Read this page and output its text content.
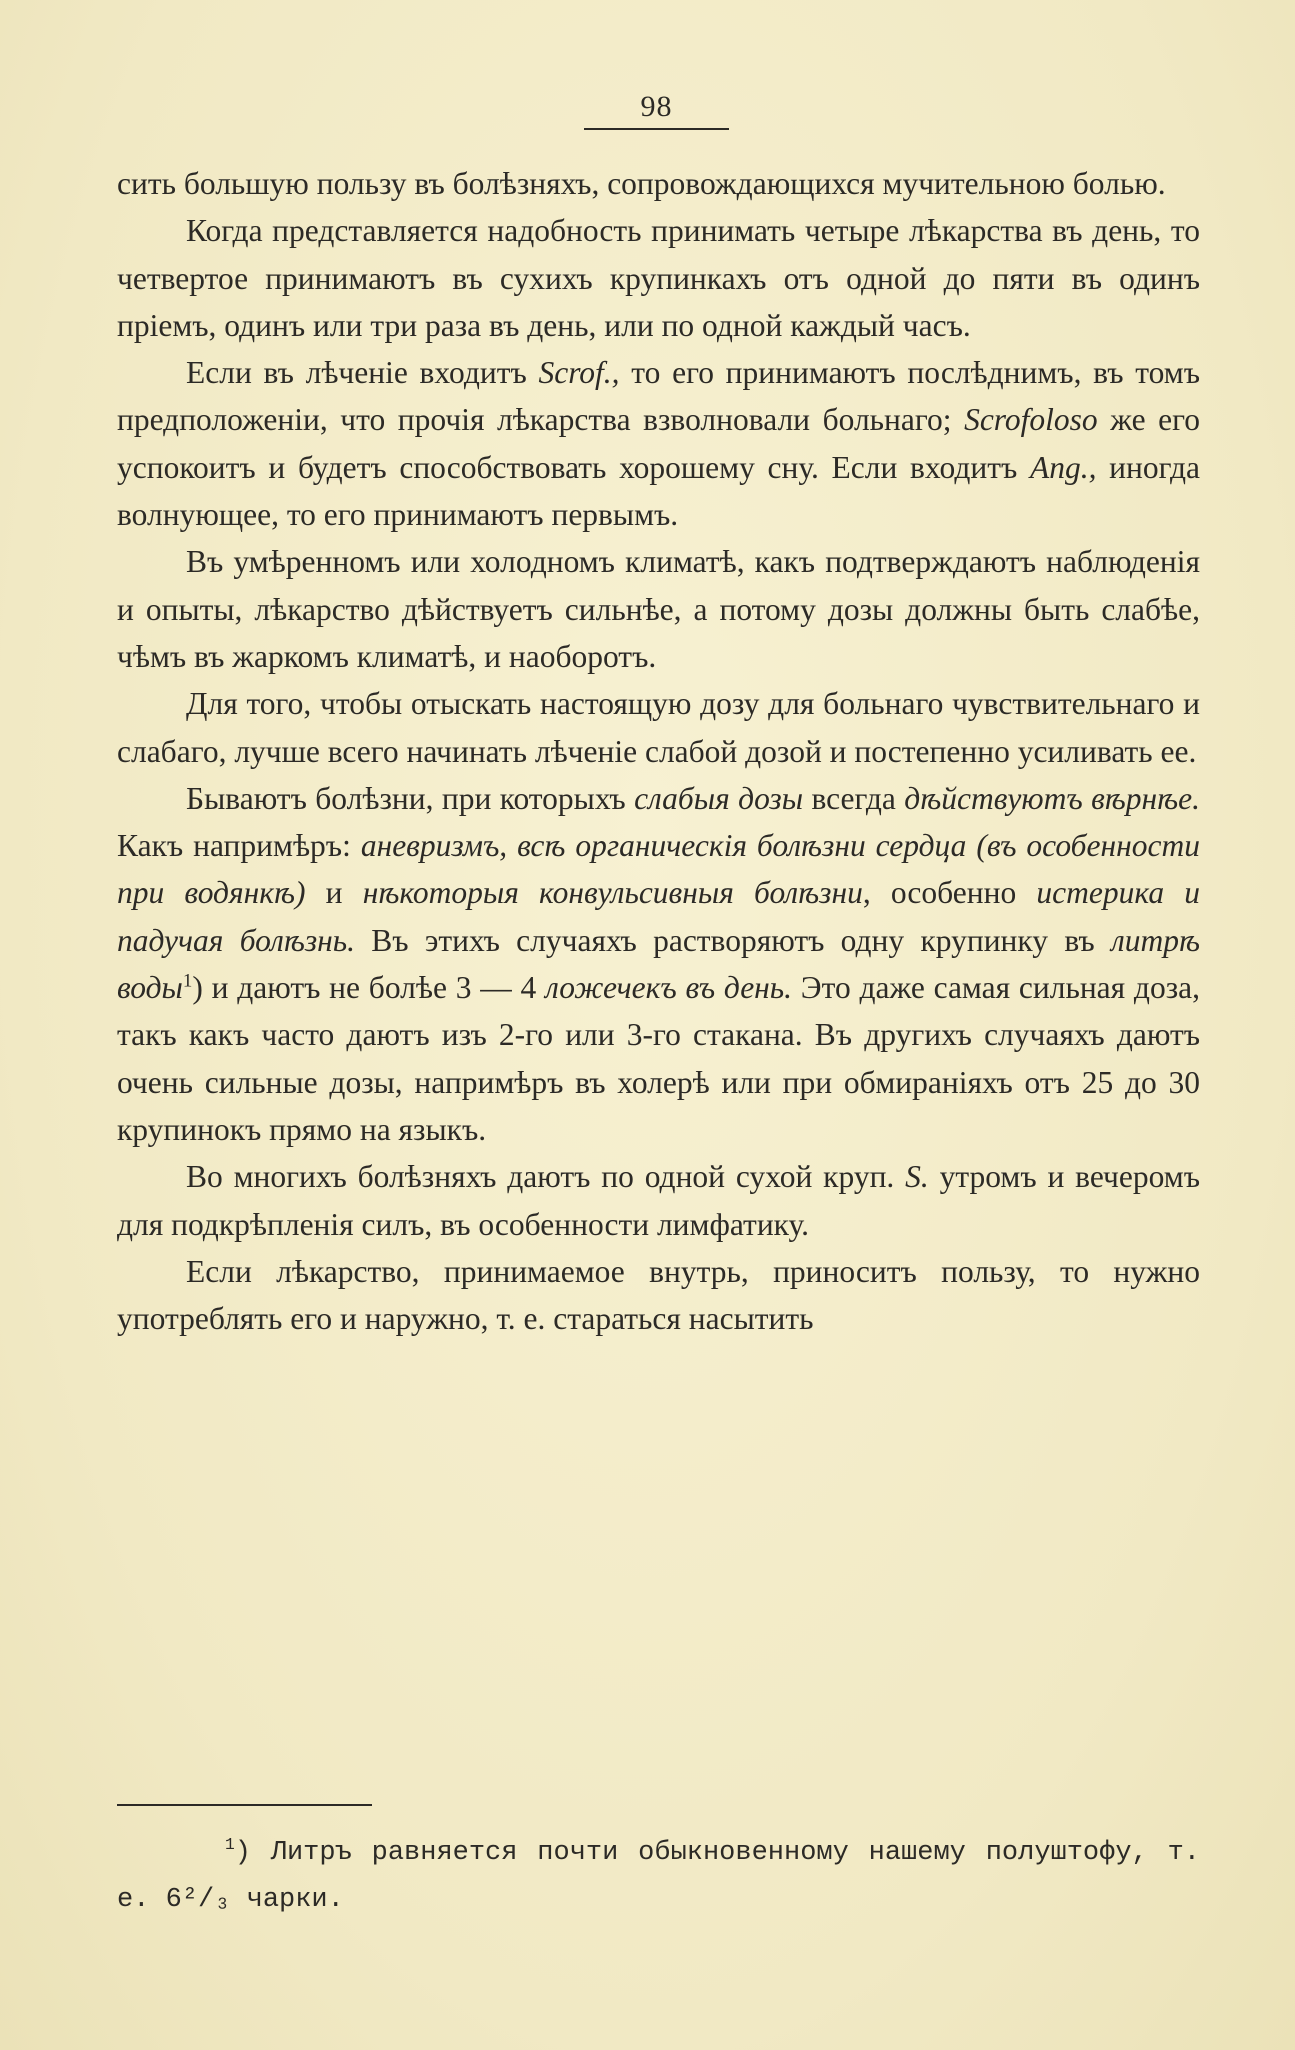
98

сить большую пользу въ болѣзняхъ, сопровождающихся мучительною болью.

Когда представляется надобность принимать четыре лѣкарства въ день, то четвертое принимаютъ въ сухихъ крупинкахъ отъ одной до пяти въ одинъ пріемъ, одинъ или три раза въ день, или по одной каждый часъ.

Если въ лѣченіе входитъ Scrof., то его принимаютъ послѣднимъ, въ томъ предположеніи, что прочія лѣкарства взволновали больнаго; Scrofoloso же его успокоитъ и будетъ способствовать хорошему сну. Если входитъ Ang., иногда волнующее, то его принимаютъ первымъ.

Въ умѣренномъ или холодномъ климатѣ, какъ подтверждаютъ наблюденія и опыты, лѣкарство дѣйствуетъ сильнѣе, а потому дозы должны быть слабѣе, чѣмъ въ жаркомъ климатѣ, и наоборотъ.

Для того, чтобы отыскать настоящую дозу для больнаго чувствительнаго и слабаго, лучше всего начинать лѣченіе слабой дозой и постепенно усиливать ее.

Бываютъ болѣзни, при которыхъ слабыя дозы всегда дѣйствуютъ вѣрнѣе. Какъ напримѣръ: аневризмъ, всѣ органическія болѣзни сердца (въ особенности при водянкѣ) и нѣкоторыя конвульсивныя болѣзни, особенно истерика и падучая болѣзнь. Въ этихъ случаяхъ растворяютъ одну крупинку въ литрѣ воды$^1$) и даютъ не болѣе 3 — 4 ложечекъ въ день. Это даже самая сильная доза, такъ какъ часто даютъ изъ 2-го или 3-го стакана. Въ другихъ случаяхъ даютъ очень сильные дозы, напримѣръ въ холерѣ или при обмираніяхъ отъ 25 до 30 крупинокъ прямо на языкъ.

Во многихъ болѣзняхъ даютъ по одной сухой круп. S. утромъ и вечеромъ для подкрѣпленія силъ, въ особенности лимфатику.

Если лѣкарство, принимаемое внутрь, приноситъ пользу, то нужно употреблять его и наружно, т. е. стараться насытить

$^1$) Литръ равняется почти обыкновенному нашему полуштофу, т. е. 6²/₃ чарки.
